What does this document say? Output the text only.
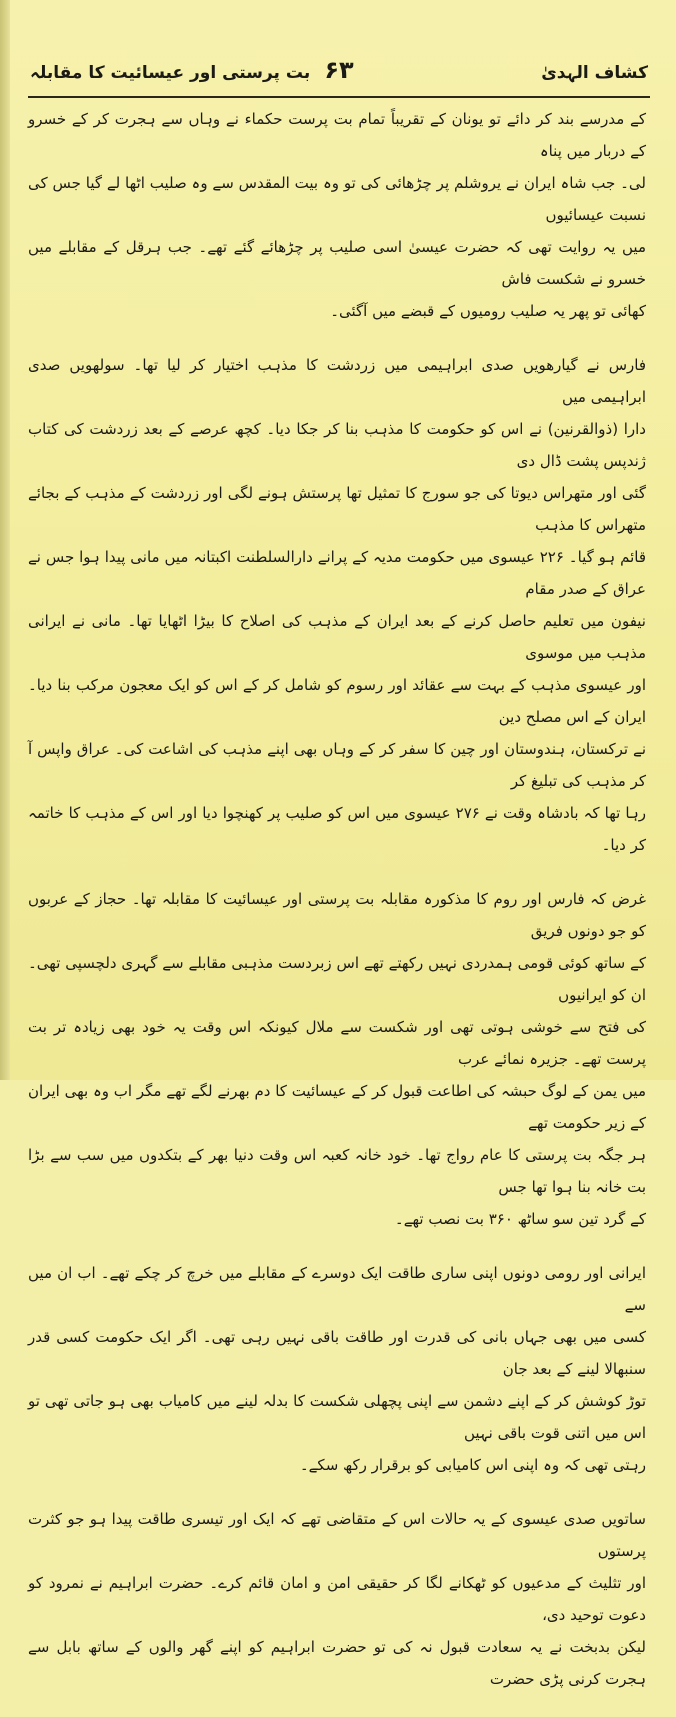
کشاف الہدیٰ
۶۳
بت پرستی اور عیسائیت کا مقابلہ

کے مدرسے بند کر دائے تو یونان کے تقریباً تمام بت پرست حکماء نے وہاں سے ہجرت کر کے خسرو کے دربار میں پناہ

لی۔ جب شاہ ایران نے یروشلم پر چڑھائی کی تو وہ بیت المقدس سے وہ صلیب اٹھا لے گیا جس کی نسبت عیسائیوں

میں یہ روایت تھی کہ حضرت عیسیٰ اسی صلیب پر چڑھائے گئے تھے۔ جب ہرقل کے مقابلے میں خسرو نے شکست فاش

کھائی تو پھر یہ صلیب رومیوں کے قبضے میں آگئی۔

فارس نے گیارھویں صدی ابراہیمی میں زردشت کا مذہب اختیار کر لیا تھا۔ سولھویں صدی ابراہیمی میں

دارا (ذوالقرنین) نے اس کو حکومت کا مذہب بنا کر جکا دیا۔ کچھ عرصے کے بعد زردشت کی کتاب ژندپس پشت ڈال دی

گئی اور متھراس دیوتا کی جو سورج کا تمثیل تھا پرستش ہونے لگی اور زردشت کے مذہب کے بجائے متھراس کا مذہب

قائم ہو گیا۔ ۲۲۶ عیسوی میں حکومت مدیہ کے پرانے دارالسلطنت اکبتانہ میں مانی پیدا ہوا جس نے عراق کے صدر مقام

نیفون میں تعلیم حاصل کرنے کے بعد ایران کے مذہب کی اصلاح کا بیڑا اٹھایا تھا۔ مانی نے ایرانی مذہب میں موسوی

اور عیسوی مذہب کے بہت سے عقائد اور رسوم کو شامل کر کے اس کو ایک معجون مرکب بنا دیا۔ ایران کے اس مصلح دین

نے ترکستان، ہندوستان اور چین کا سفر کر کے وہاں بھی اپنے مذہب کی اشاعت کی۔ عراق واپس آ کر مذہب کی تبلیغ کر

رہا تھا کہ بادشاہ وقت نے ۲۷۶ عیسوی میں اس کو صلیب پر کھنچوا دیا اور اس کے مذہب کا خاتمہ کر دیا۔

غرض کہ فارس اور روم کا مذکورہ مقابلہ بت پرستی اور عیسائیت کا مقابلہ تھا۔ حجاز کے عربوں کو جو دونوں فریق

کے ساتھ کوئی قومی ہمدردی نہیں رکھتے تھے اس زبردست مذہبی مقابلے سے گہری دلچسپی تھی۔ ان کو ایرانیوں

کی فتح سے خوشی ہوتی تھی اور شکست سے ملال کیونکہ اس وقت یہ خود بھی زیادہ تر بت پرست تھے۔ جزیرہ نمائے عرب

میں یمن کے لوگ حبشہ کی اطاعت قبول کر کے عیسائیت کا دم بھرنے لگے تھے مگر اب وہ بھی ایران کے زیر حکومت تھے

ہر جگہ بت پرستی کا عام رواج تھا۔ خود خانہ کعبہ اس وقت دنیا بھر کے بتکدوں میں سب سے بڑا بت خانہ بنا ہوا تھا جس

کے گرد تین سو ساٹھ ۳۶۰ بت نصب تھے۔

ایرانی اور رومی دونوں اپنی ساری طاقت ایک دوسرے کے مقابلے میں خرچ کر چکے تھے۔ اب ان میں سے

کسی میں بھی جہاں بانی کی قدرت اور طاقت باقی نہیں رہی تھی۔ اگر ایک حکومت کسی قدر سنبھالا لینے کے بعد جان

توڑ کوشش کر کے اپنے دشمن سے اپنی پچھلی شکست کا بدلہ لینے میں کامیاب بھی ہو جاتی تھی تو اس میں اتنی قوت باقی نہیں

رہتی تھی کہ وہ اپنی اس کامیابی کو برقرار رکھ سکے۔

ساتویں صدی عیسوی کے یہ حالات اس کے متقاضی تھے کہ ایک اور تیسری طاقت پیدا ہو جو کثرت پرستوں

اور تثلیث کے مدعیوں کو ٹھکانے لگا کر حقیقی امن و امان قائم کرے۔ حضرت ابراہیم نے نمرود کو دعوت توحید دی،

لیکن بدبخت نے یہ سعادت قبول نہ کی تو حضرت ابراہیم کو اپنے گھر والوں کے ساتھ بابل سے ہجرت کرنی پڑی حضرت
